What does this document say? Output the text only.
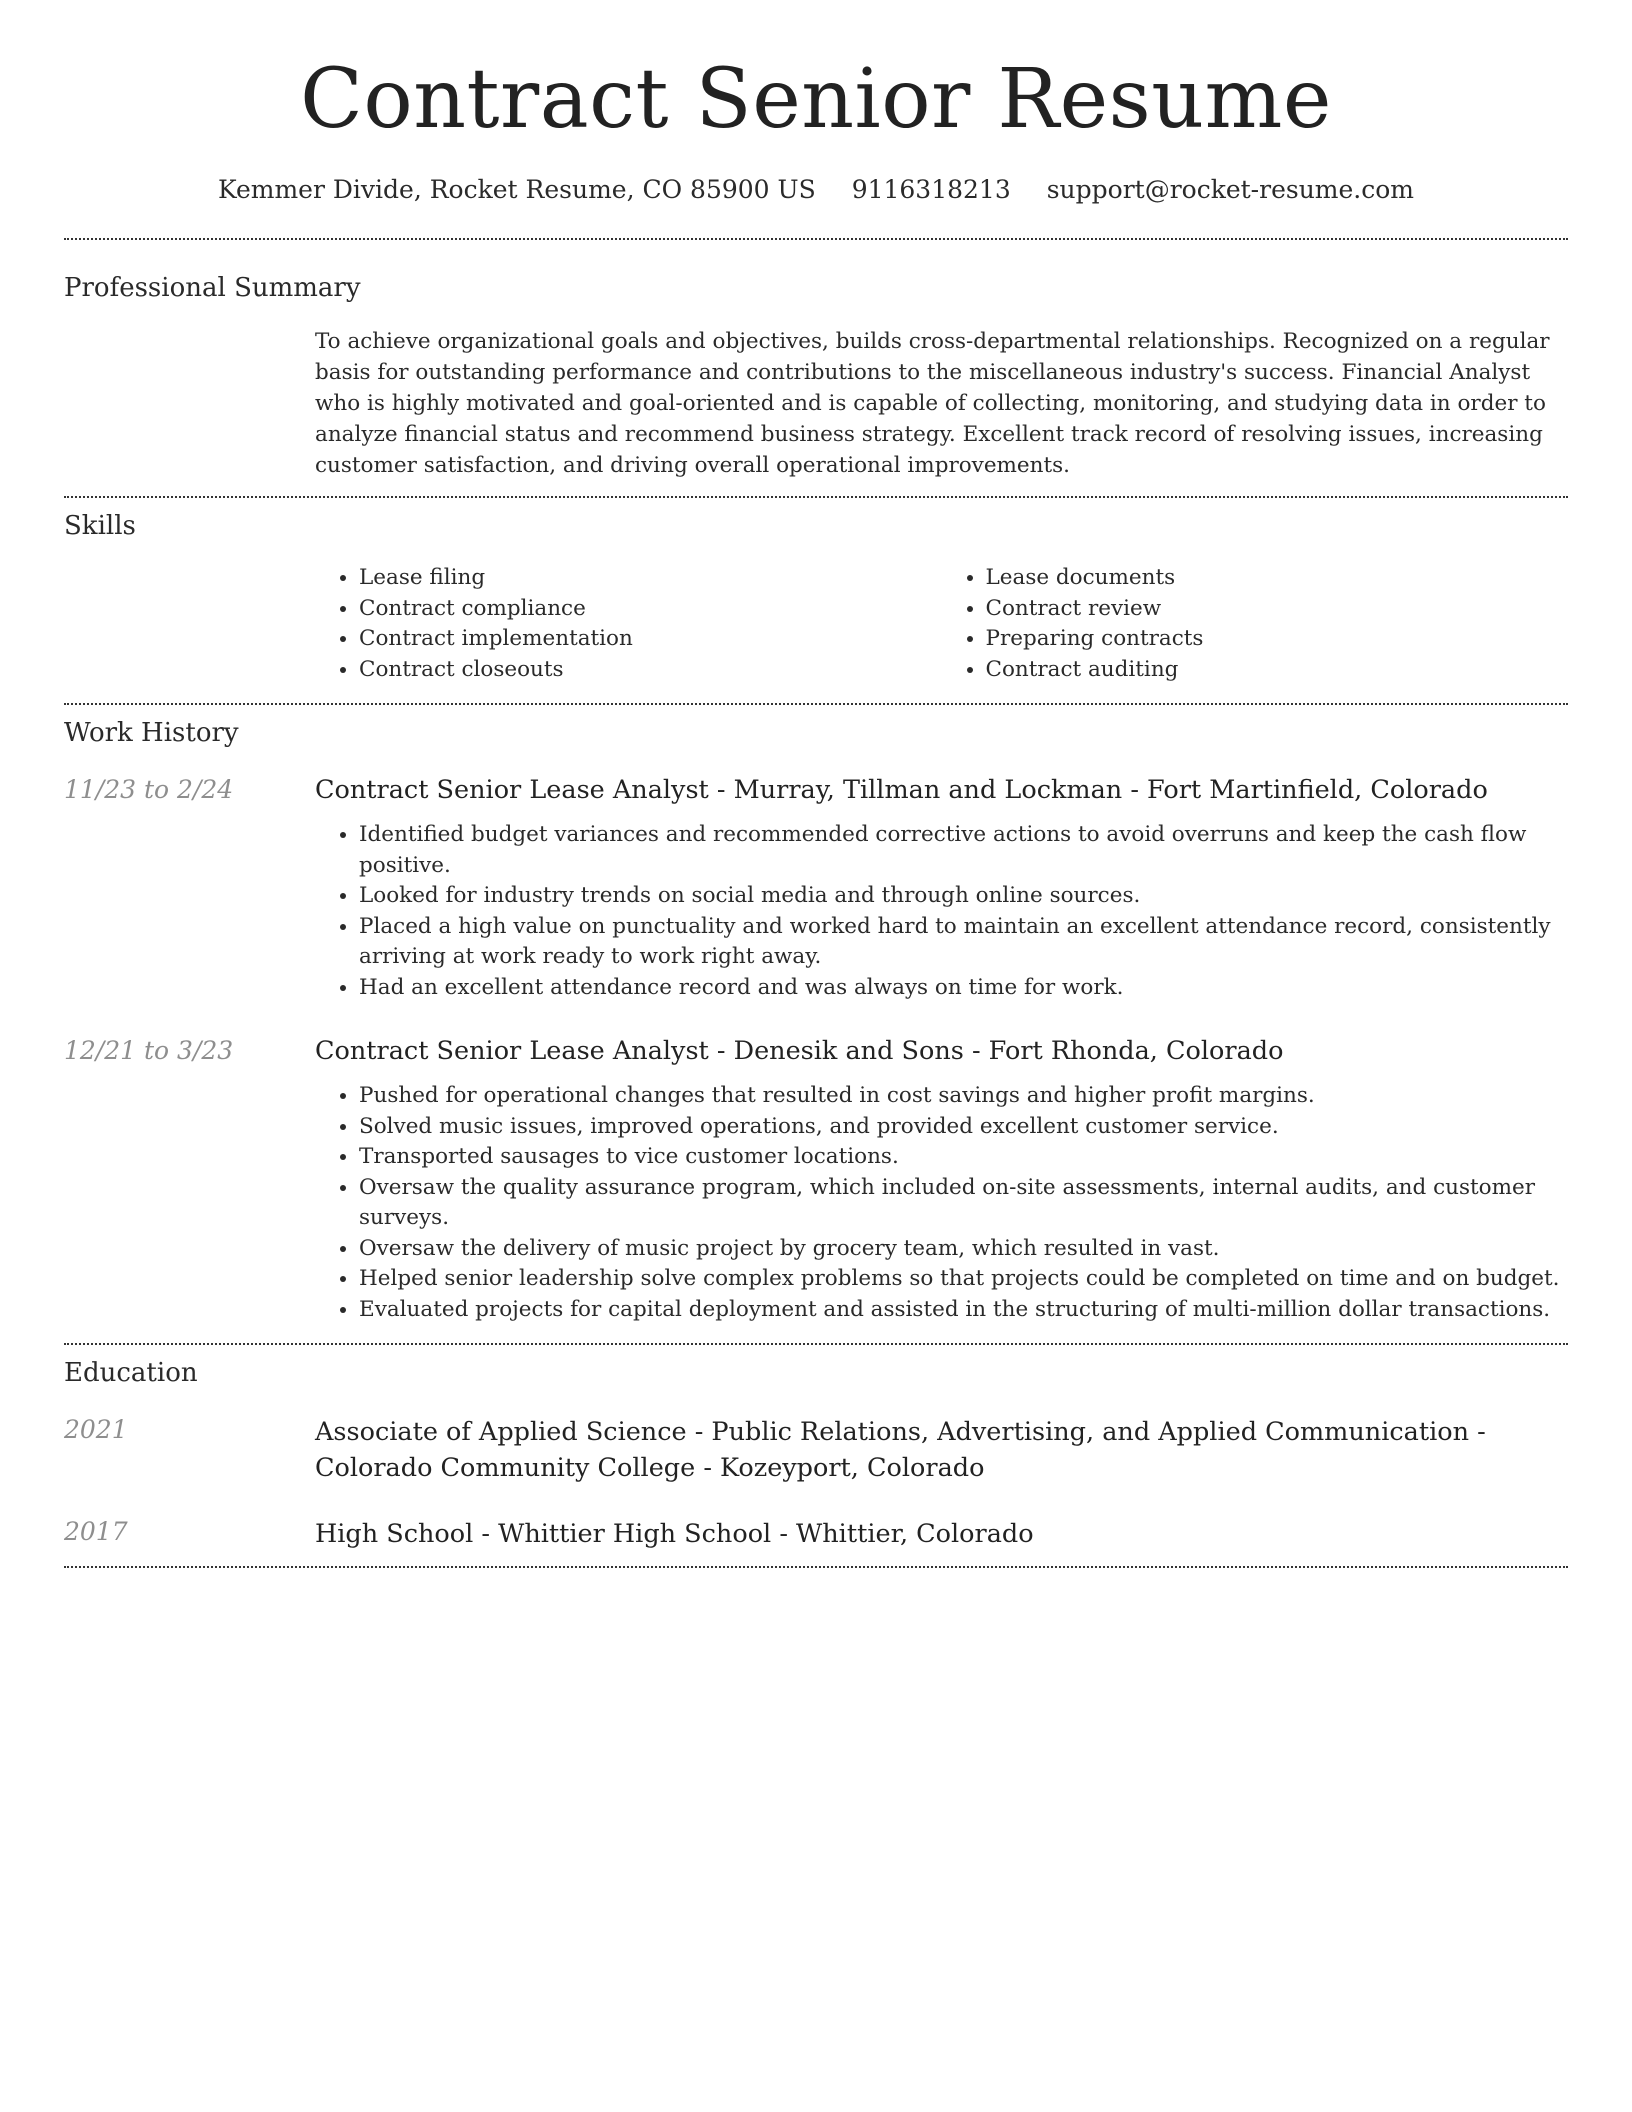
Contract Senior Resume
Kemmer Divide, Rocket Resume, CO 85900 US 9116318213 support@rocket-resume.com
Professional Summary

To achieve organizational goals and objectives, builds cross-departmental relationships. Recognized on a regular basis for outstanding performance and contributions to the miscellaneous industry's success. Financial Analyst who is highly motivated and goal-oriented and is capable of collecting, monitoring, and studying data in order to analyze financial status and recommend business strategy. Excellent track record of resolving issues, increasing customer satisfaction, and driving overall operational improvements.

Skills
• Lease filing
• Contract compliance
• Contract implementation
• Contract closeouts
• Lease documents
• Contract review
• Preparing contracts
• Contract auditing
Work History
11/23 to 2/24	Contract Senior Lease Analyst - Murray, Tillman and Lockman - Fort Martinfield, Colorado
• Identified budget variances and recommended corrective actions to avoid overruns and keep the cash flow positive.
• Looked for industry trends on social media and through online sources.
• Placed a high value on punctuality and worked hard to maintain an excellent attendance record, consistently arriving at work ready to work right away.
• Had an excellent attendance record and was always on time for work.
12/21 to 3/23	Contract Senior Lease Analyst - Denesik and Sons - Fort Rhonda, Colorado
• Pushed for operational changes that resulted in cost savings and higher profit margins.
• Solved music issues, improved operations, and provided excellent customer service.
• Transported sausages to vice customer locations.
• Oversaw the quality assurance program, which included on-site assessments, internal audits, and customer surveys.
• Oversaw the delivery of music project by grocery team, which resulted in vast.
• Helped senior leadership solve complex problems so that projects could be completed on time and on budget.
• Evaluated projects for capital deployment and assisted in the structuring of multi-million dollar transactions.
Education
2021	Associate of Applied Science - Public Relations, Advertising, and Applied Communication - Colorado Community College - Kozeyport, Colorado
2017	High School - Whittier High School - Whittier, Colorado
